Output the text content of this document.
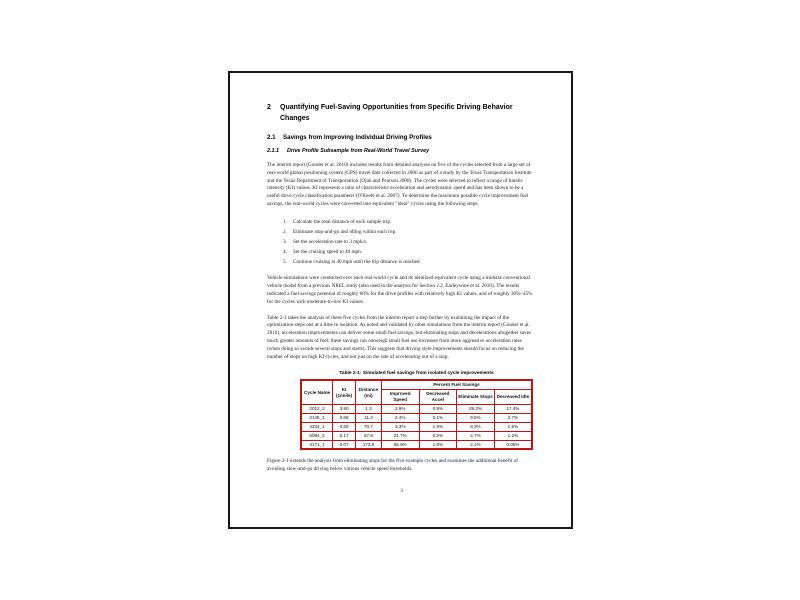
2	Quantifying Fuel-Saving Opportunities from Specific Driving Behavior Changes
2.1	Savings from Improving Individual Driving Profiles
2.1.1	Drive Profile Subsample from Real-World Travel Survey

The interim report (Gonder et al. 2010) includes results from detailed analyses on five of the cycles selected from a large set of real-world global positioning system (GPS) travel data collected in 2006 as part of a study by the Texas Transportation Institute and the Texas Department of Transportation (Ojah and Pearson 2008). The cycles were selected to reflect a range of kinetic intensity (KI) values. KI represents a ratio of characteristic acceleration and aerodynamic speed and has been shown to be a useful drive cycle classification parameter (O'Keefe et al. 2007). To determine the maximum possible cycle improvement fuel savings, the real-world cycles were converted into equivalent "ideal" cycles using the following steps:

1.	Calculate the total distance of each sample trip.
2.	Eliminate stop-and-go and idling within each trip.
3.	Set the acceleration rate to 3 mph/s.
4.	Set the cruising speed to 40 mph.
5.	Continue cruising at 40 mph until the trip distance is reached.

Vehicle simulations were conducted over each real-world cycle and its idealized equivalent cycle using a midsize conventional vehicle model from a previous NREL study (also used in the analysis for Section 2.2, Earleywine et al. 2010). The results indicated a fuel savings potential of roughly 60% for the drive profiles with relatively high KI values, and of roughly 30%–45% for the cycles with moderate-to-low KI values.

Table 2-1 takes the analysis of these five cycles from the interim report a step further by examining the impact of the optimization steps one at a time in isolation. As noted and validated by other simulations from the interim report (Gonder et al. 2010), acceleration improvements can deliver some small fuel savings, but eliminating stops and decelerations altogether saves much greater amounts of fuel; these savings can outweigh small fuel use increases from more aggressive acceleration rates (when doing so avoids several stops and starts). This suggests that driving style improvements should focus on reducing the number of stops on high KI cycles, and not just on the rate of accelerating out of a stop.

Table 2-1: Simulated fuel savings from isolated cycle improvements
Cycle Name	KI (1/mile)	Distance (mi)	Percent Fuel Savings			
			Improved Speed	Decreased Accel	Eliminate Stops	Decreased Idle
2012_2	3.90	1.3	2.9%	0.9%	29.2%	17.4%
2145_1	0.68	11.2	2.4%	0.1%	9.5%	2.7%
4234_1	0.59	70.7	3.3%	1.9%	8.3%	1.5%
5094_2	0.17	57.8	21.7%	0.5%	2.7%	1.2%
4171_1	0.07	173.9	56.9%	1.8%	2.1%	0.05%

Figure 2-1 extends the analysis from eliminating stops for the five example cycles and examines the additional benefit of avoiding slow-and-go driving below various vehicle speed thresholds.

3
